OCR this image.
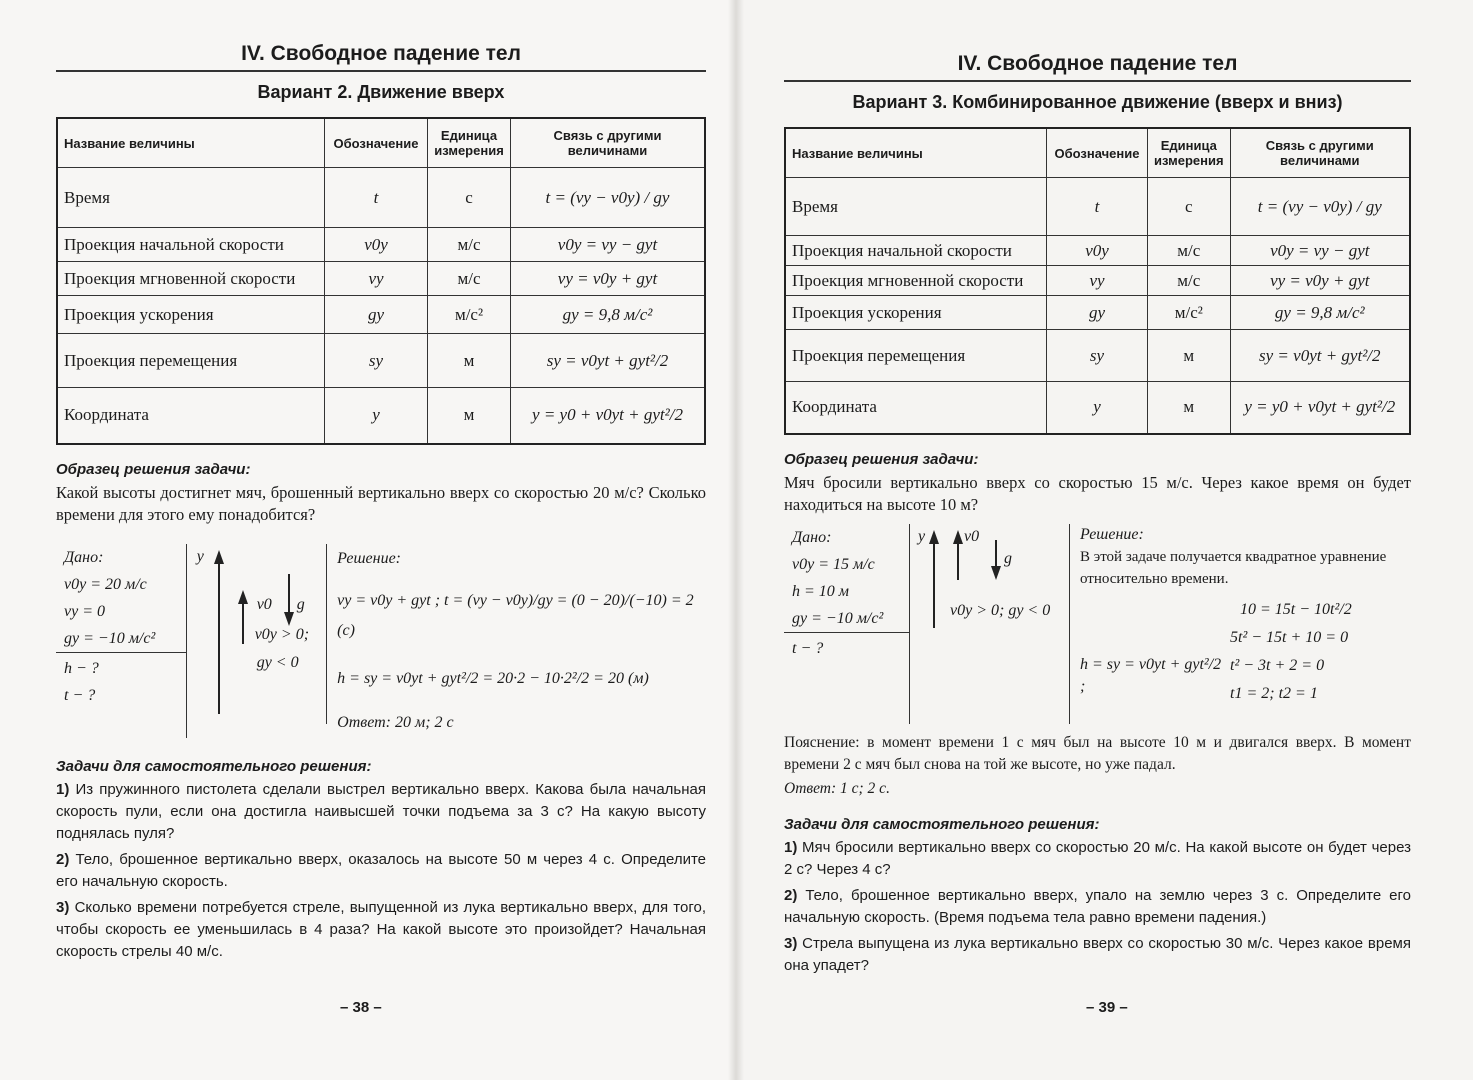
IV. Свободное падение тел
Вариант 2. Движение вверх
Название величины	Обозначение	Единица измерения	Связь с другими величинами
Время	t	с	t = (vy − v0y) / gy
Проекция начальной скорости	v0y	м/с	v0y = vy − gyt
Проекция мгновенной скорости	vy	м/с	vy = v0y + gyt
Проекция ускорения	gy	м/с²	gy = 9,8 м/с²
Проекция перемещения	sy	м	sy = v0yt + gyt²/2
Координата	y	м	y = y0 + v0yt + gyt²/2
Образец решения задачи:

Какой высоты достигнет мяч, брошенный вертикально вверх со скоростью 20 м/с? Сколько времени для этого ему понадобится?

Дано:
v0y = 20 м/с
vy = 0
gy = −10 м/с²
h − ?
t − ?
y
v0 g
v0y > 0;
gy < 0
Решение:
vy = v0y + gyt ; t = (vy − v0y)/gy = (0 − 20)/(−10) = 2 (с)
h = sy = v0yt + gyt²/2 = 20·2 − 10·2²/2 = 20 (м)
Ответ: 20 м; 2 с
Задачи для самостоятельного решения:
1) Из пружинного пистолета сделали выстрел вертикально вверх. Какова была начальная скорость пули, если она достигла наивысшей точки подъема за 3 с? На какую высоту поднялась пуля?
2) Тело, брошенное вертикально вверх, оказалось на высоте 50 м через 4 с. Определите его начальную скорость.
3) Сколько времени потребуется стреле, выпущенной из лука вертикально вверх, для того, чтобы скорость ее уменьшилась в 4 раза? На какой высоте это произойдет? Начальная скорость стрелы 40 м/с.
– 38 –
IV. Свободное падение тел
Вариант 3. Комбинированное движение (вверх и вниз)
Название величины	Обозначение	Единица измерения	Связь с другими величинами
Время	t	с	t = (vy − v0y) / gy
Проекция начальной скорости	v0y	м/с	v0y = vy − gyt
Проекция мгновенной скорости	vy	м/с	vy = v0y + gyt
Проекция ускорения	gy	м/с²	gy = 9,8 м/с²
Проекция перемещения	sy	м	sy = v0yt + gyt²/2
Координата	y	м	y = y0 + v0yt + gyt²/2
Образец решения задачи:

Мяч бросили вертикально вверх со скоростью 15 м/с. Через какое время он будет находиться на высоте 10 м?

Дано:
v0y = 15 м/с
h = 10 м
gy = −10 м/с²
t − ?
y v0
g
v0y > 0; gy < 0
Решение:
В этой задаче получается квадратное уравнение относительно времени.
h = sy = v0yt + gyt²/2 ;
10 = 15t − 10t²/2
5t² − 15t + 10 = 0
t² − 3t + 2 = 0
t1 = 2; t2 = 1

Пояснение: в момент времени 1 с мяч был на высоте 10 м и двигался вверх. В момент времени 2 с мяч был снова на той же высоте, но уже падал.

Ответ: 1 с; 2 с.

Задачи для самостоятельного решения:
1) Мяч бросили вертикально вверх со скоростью 20 м/с. На какой высоте он будет через 2 с? Через 4 с?
2) Тело, брошенное вертикально вверх, упало на землю через 3 с. Определите его начальную скорость. (Время подъема тела равно времени падения.)
3) Стрела выпущена из лука вертикально вверх со скоростью 30 м/с. Через какое время она упадет?
– 39 –
